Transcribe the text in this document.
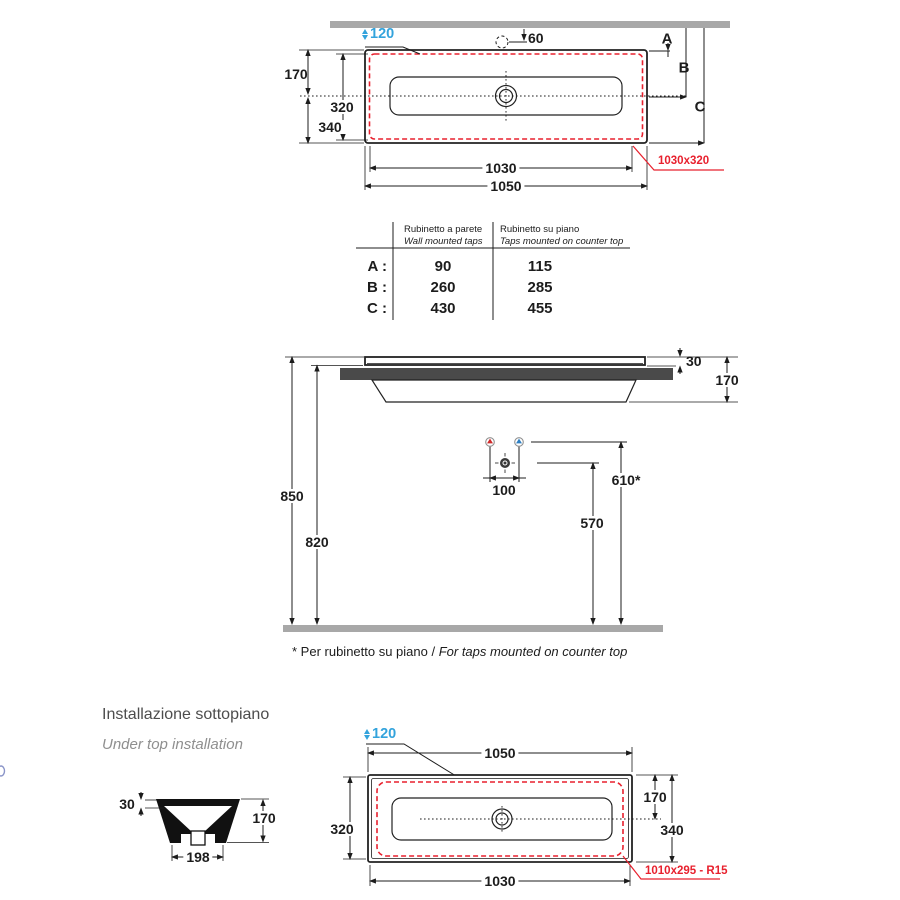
120	60
170
320
340
1030
1050
A
B
C
1030x320
Rubinetto a parete
Wall mounted taps
Rubinetto su piano
Taps mounted on counter top
A :
B :
C :
90
260
430
115
285
455
30
170
850
820
100
610*
570
* Per rubinetto su piano / For taps mounted on counter top
Installazione sottopiano
Under top installation
30
170
198
120
1050
320
170
340
1030
1010x295 - R15
